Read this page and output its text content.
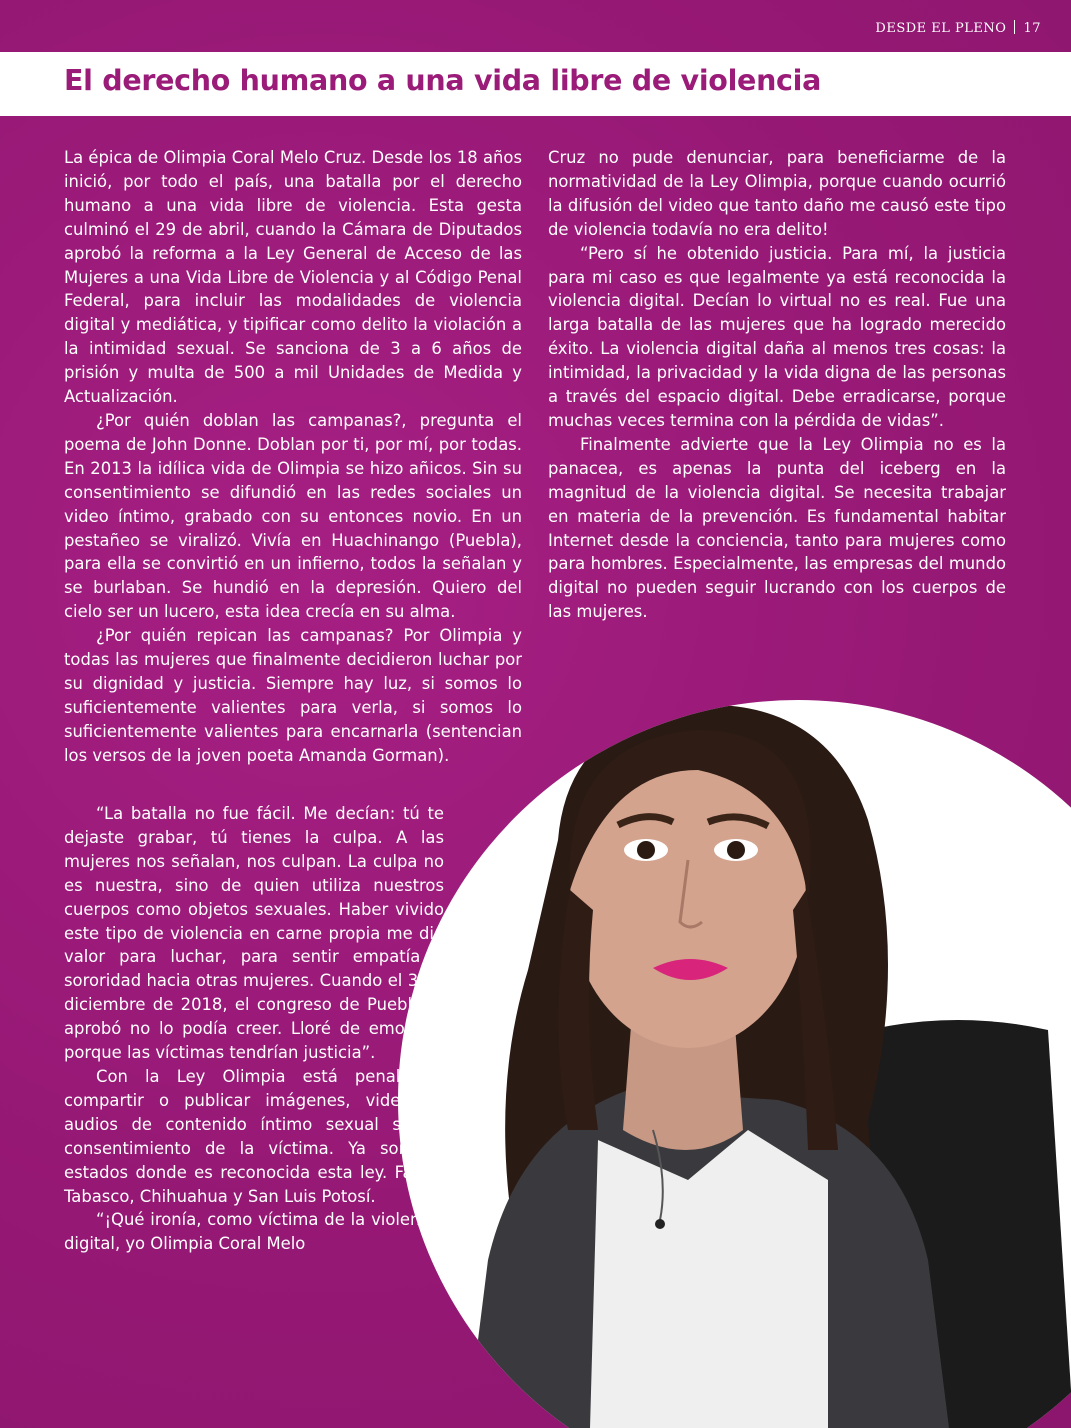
DESDE EL PLENO 17
El derecho humano a una vida libre de violencia

La épica de Olimpia Coral Melo Cruz. Desde los 18 años inició, por todo el país, una batalla por el derecho humano a una vida libre de violencia. Esta gesta culminó el 29 de abril, cuando la Cámara de Diputados aprobó la reforma a la Ley General de Acceso de las Mujeres a una Vida Libre de Violencia y al Código Penal Federal, para incluir las modalidades de violencia digital y mediática, y tipificar como delito la violación a la intimidad sexual. Se sanciona de 3 a 6 años de prisión y multa de 500 a mil Unidades de Medida y Actualización.

¿Por quién doblan las campanas?, pregunta el poema de John Donne. Doblan por ti, por mí, por todas. En 2013 la idílica vida de Olimpia se hizo añicos. Sin su consentimiento se difundió en las redes sociales un video íntimo, grabado con su entonces novio. En un pestañeo se viralizó. Vivía en Huachinango (Puebla), para ella se convirtió en un infierno, todos la señalan y se burlaban. Se hundió en la depresión. Quiero del cielo ser un lucero, esta idea crecía en su alma.

¿Por quién repican las campanas? Por Olimpia y todas las mujeres que finalmente decidieron luchar por su dignidad y justicia. Siempre hay luz, si somos lo suficientemente valientes para verla, si somos lo suficientemente valientes para encarnarla (sentencian los versos de la joven poeta Amanda Gorman).

Cruz no pude denunciar, para beneficiarme de la normatividad de la Ley Olimpia, porque cuando ocurrió la difusión del video que tanto daño me causó este tipo de violencia todavía no era delito!

“Pero sí he obtenido justicia. Para mí, la justicia para mi caso es que legalmente ya está reconocida la violencia digital. Decían lo virtual no es real. Fue una larga batalla de las mujeres que ha logrado merecido éxito. La violencia digital daña al menos tres cosas: la intimidad, la privacidad y la vida digna de las personas a través del espacio digital. Debe erradicarse, porque muchas veces termina con la pérdida de vidas”.

Finalmente advierte que la Ley Olimpia no es la panacea, es apenas la punta del iceberg en la magnitud de la violencia digital. Se necesita trabajar en materia de la prevención. Es fundamental habitar Internet desde la conciencia, tanto para mujeres como para hombres. Especialmente, las empresas del mundo digital no pueden seguir lucrando con los cuerpos de las mujeres.

“La batalla no fue fácil. Me decían: tú te dejaste grabar, tú tienes la culpa. A las mujeres nos señalan, nos culpan. La culpa no es nuestra, sino de quien utiliza nuestros cuerpos como objetos sexuales. Haber vivido este tipo de violencia en carne propia me dio valor para luchar, para sentir empatía y sororidad hacia otras mujeres. Cuando el 3 de diciembre de 2018, el congreso de Puebla la aprobó no lo podía creer. Lloré de emoción, porque las víctimas tendrían justicia”.

Con la Ley Olimpia está penalizado compartir o publicar imágenes, videos o audios de contenido íntimo sexual sin el consentimiento de la víctima. Ya son 29 estados donde es reconocida esta ley. Faltan Tabasco, Chihuahua y San Luis Potosí.

“¡Qué ironía, como víctima de la violencia digital, yo Olimpia Coral Melo
